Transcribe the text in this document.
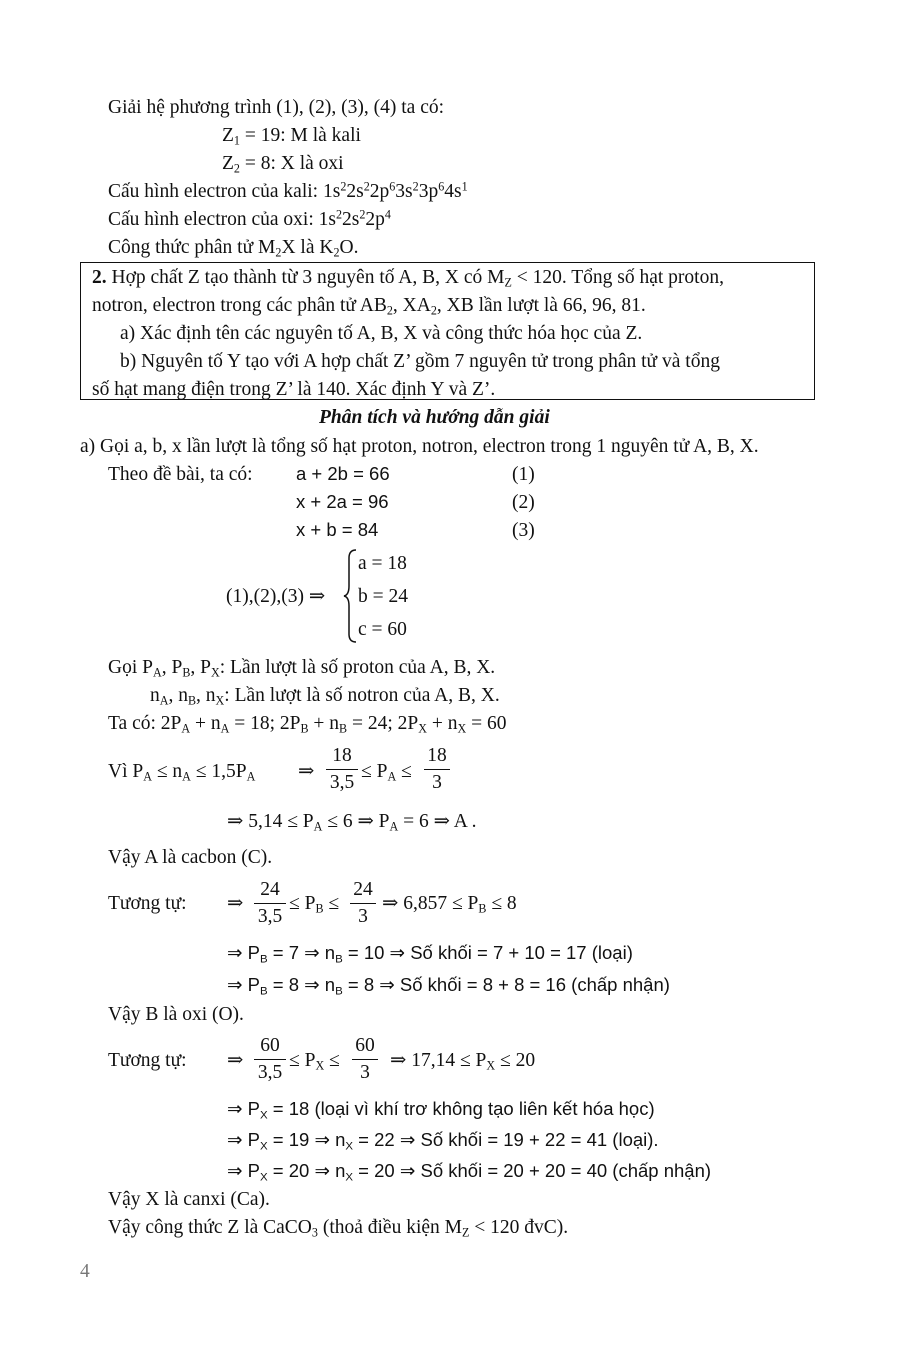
Giải hệ phương trình (1), (2), (3), (4) ta có:
$Z_1 = 19$: M là kali
$Z_2 = 8$: X là oxi
Cấu hình electron của kali: $1s^22s^22p^63s^23p^64s^1$
Cấu hình electron của oxi: $1s^22s^22p^4$
Công thức phân tử $M_2X$ là $K_2O$.
2. Hợp chất Z tạo thành từ 3 nguyên tố A, B, X có $M_Z < 120$. Tổng số hạt proton,
notron, electron trong các phân tử $AB_2$, $XA_2$, XB lần lượt là 66, 96, 81.
a) Xác định tên các nguyên tố A, B, X và công thức hóa học của Z.
b) Nguyên tố Y tạo với A hợp chất Z’ gồm 7 nguyên tử trong phân tử và tổng
số hạt mang điện trong Z’ là 140. Xác định Y và Z’.
Phân tích và hướng dẫn giải
a) Gọi a, b, x lần lượt là tổng số hạt proton, notron, electron trong 1 nguyên tử A, B, X.
Theo đề bài, ta có: a + 2b = 66	(1)
x + 2a = 96	(2)
x + b = 84	(3)
(1),(2),(3) ⇒
a = 18
b = 24
c = 60
Gọi $P_A$, $P_B$, $P_X$: Lần lượt là số proton của A, B, X.
$n_A$, $n_B$, $n_X$: Lần lượt là số notron của A, B, X.
Ta có: $2P_A + n_A = 18$; $2P_B + n_B = 24$; $2P_X + n_X = 60$
Vì $P_A \le n_A \le 1,5P_A$ ⇒
18
$3,5 \le P_A$ ≤
18
3
⇒ $5,14 \le P_A \le 6$ ⇒ $P_A = 6$ ⇒ A .
Vậy A là cacbon (C).
Tương tự: ⇒
24
3,5
≤ $P_B$ ≤
24
3
⇒ $6,857 \le P_B \le 8$
⇒ $P_B = 7$ ⇒ $n_B = 10$ ⇒ Số khối = 7 + 10 = 17 (loại)
⇒ $P_B = 8$ ⇒ $n_B = 8$ ⇒ Số khối = 8 + 8 = 16 (chấp nhận)
Vậy B là oxi (O).
Tương tự: ⇒
60
3,5
≤ $P_X$ ≤
60
3
⇒ $17,14 \le P_X \le 20$
⇒ $P_X = 18$ (loại vì khí trơ không tạo liên kết hóa học)
⇒ $P_X = 19$ ⇒ $n_X = 22$ ⇒ Số khối = 19 + 22 = 41 (loại).
⇒ $P_X = 20$ ⇒ $n_X = 20$ ⇒ Số khối = 20 + 20 = 40 (chấp nhận)
Vậy X là canxi (Ca).
Vậy công thức Z là CaCO$_3$ (thoả điều kiện $M_Z < 120$ đvC).
4
